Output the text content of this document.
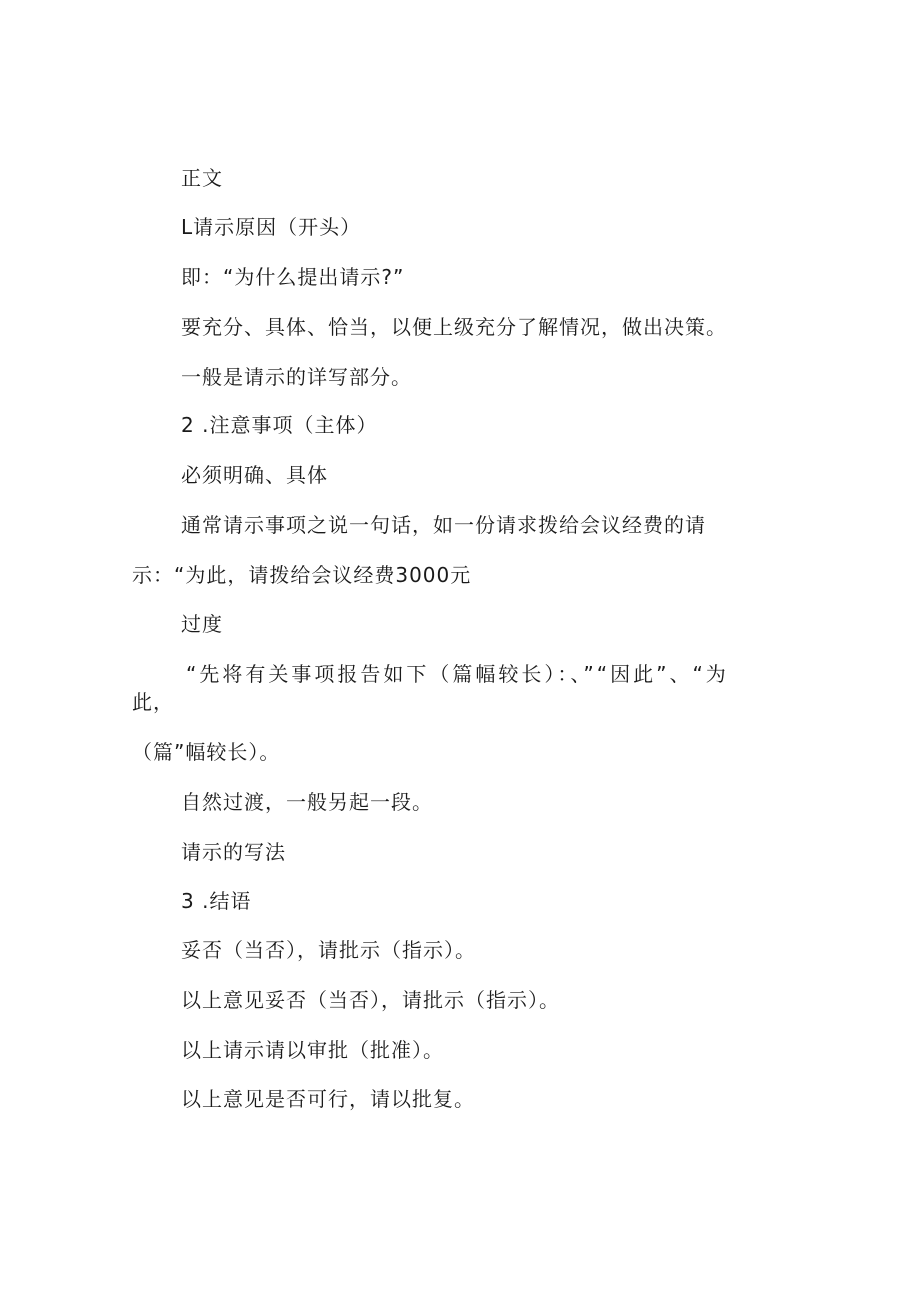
正文
L请示原因（开头）
即：“为什么提出请示?”
要充分、具体、恰当，以便上级充分了解情况，做出决策。
一般是请示的详写部分。
2 .注意事项（主体）
必须明确、具体
通常请示事项之说一句话，如一份请求拨给会议经费的请
示：“为此，请拨给会议经费3000元
过度
“先将有关事项报告如下（篇幅较长）：、”“因此”、“为
此，
（篇”幅较长）。
自然过渡，一般另起一段。
请示的写法
3 .结语
妥否（当否），请批示（指示）。
以上意见妥否（当否），请批示（指示）。
以上请示请以审批（批准）。
以上意见是否可行，请以批复。
